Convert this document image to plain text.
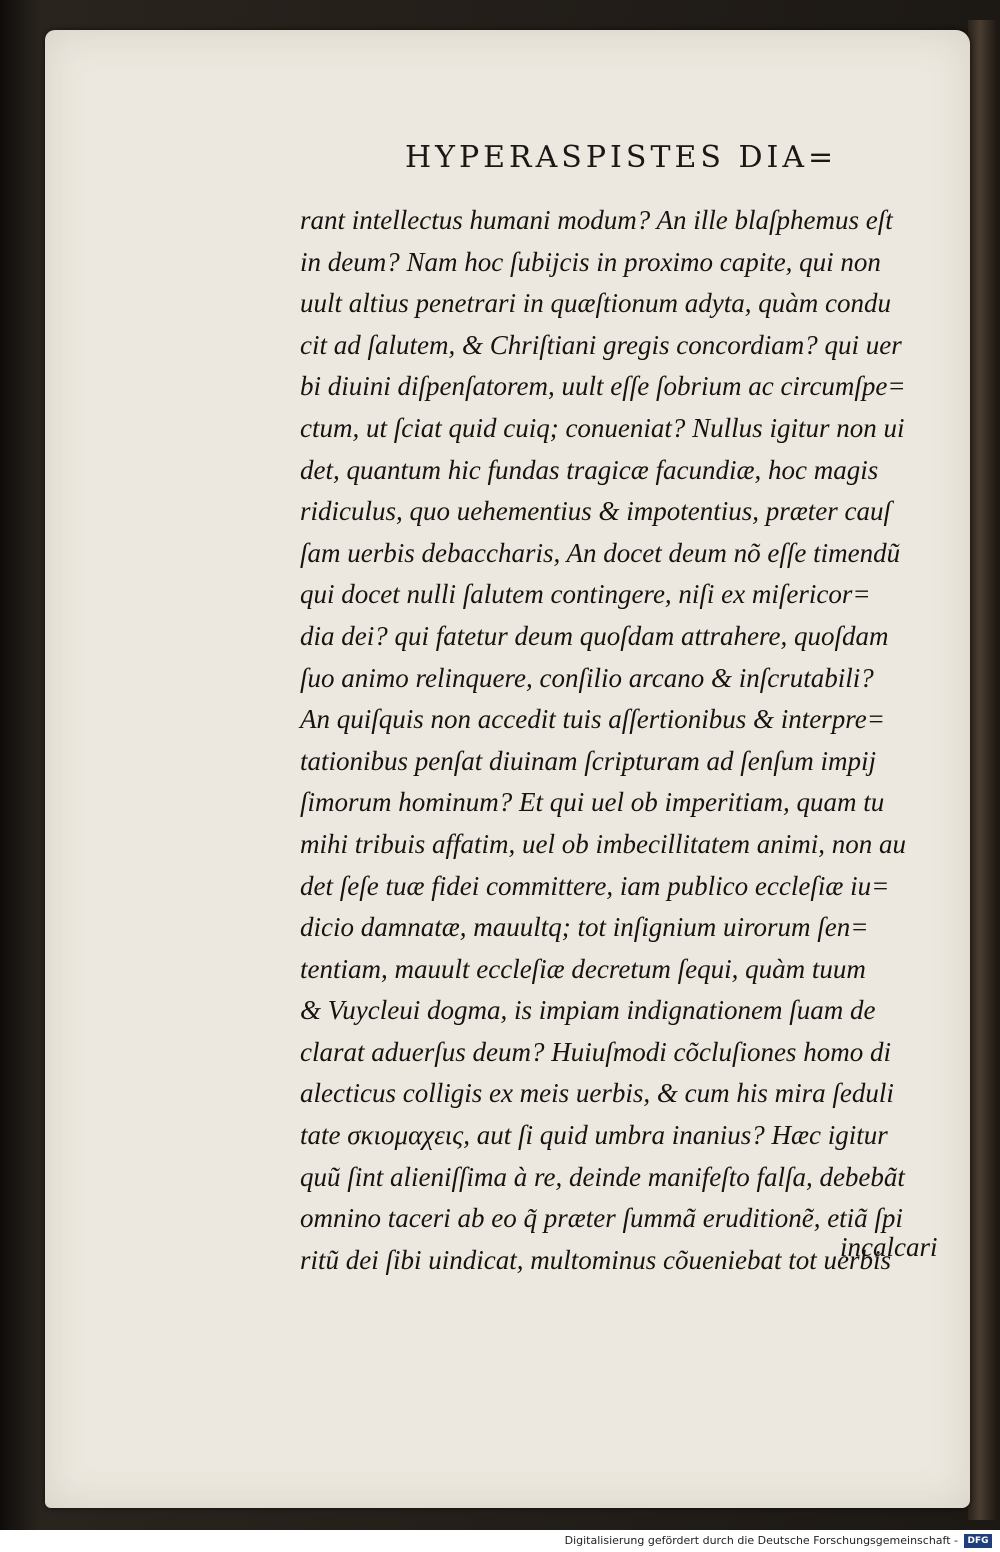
HYPERASPISTES DIA=
rant intellectus humani modum? An ille blaſphemus eſt
in deum? Nam hoc ſubijcis in proximo capite, qui non
uult altius penetrari in quæſtionum adyta, quàm condu
cit ad ſalutem, & Chriſtiani gregis concordiam? qui uer
bi diuini diſpenſatorem, uult eſſe ſobrium ac circumſpe=
ctum, ut ſciat quid cuiq; conueniat? Nullus igitur non ui
det, quantum hic fundas tragicæ facundiæ, hoc magis
ridiculus, quo uehementius & impotentius, præter cauſ
ſam uerbis debaccharis, An docet deum nõ eſſe timendũ
qui docet nulli ſalutem contingere, niſi ex miſericor=
dia dei? qui fatetur deum quoſdam attrahere, quoſdam
ſuo animo relinquere, conſilio arcano & inſcrutabili?
An quiſquis non accedit tuis aſſertionibus & interpre=
tationibus penſat diuinam ſcripturam ad ſenſum impij
ſimorum hominum? Et qui uel ob imperitiam, quam tu
mihi tribuis affatim, uel ob imbecillitatem animi, non au
det ſeſe tuæ fidei committere, iam publico eccleſiæ iu=
dicio damnatæ, mauultq; tot inſignium uirorum ſen=
tentiam, mauult eccleſiæ decretum ſequi, quàm tuum
& Vuycleui dogma, is impiam indignationem ſuam de
clarat aduerſus deum? Huiuſmodi cõcluſiones homo di
alecticus colligis ex meis uerbis, & cum his mira ſeduli
tate σκιομαχεις, aut ſi quid umbra inanius? Hæc igitur
quũ ſint alieniſſima à re, deinde manifeſto falſa, debebãt
omnino taceri ab eo q̃ præter ſummã eruditionẽ, etiã ſpi
ritũ dei ſibi uindicat, multominus cõueniebat tot uerbis
incalcari
Digitalisierung gefördert durch die Deutsche Forschungsgemeinschaft -	DFG
